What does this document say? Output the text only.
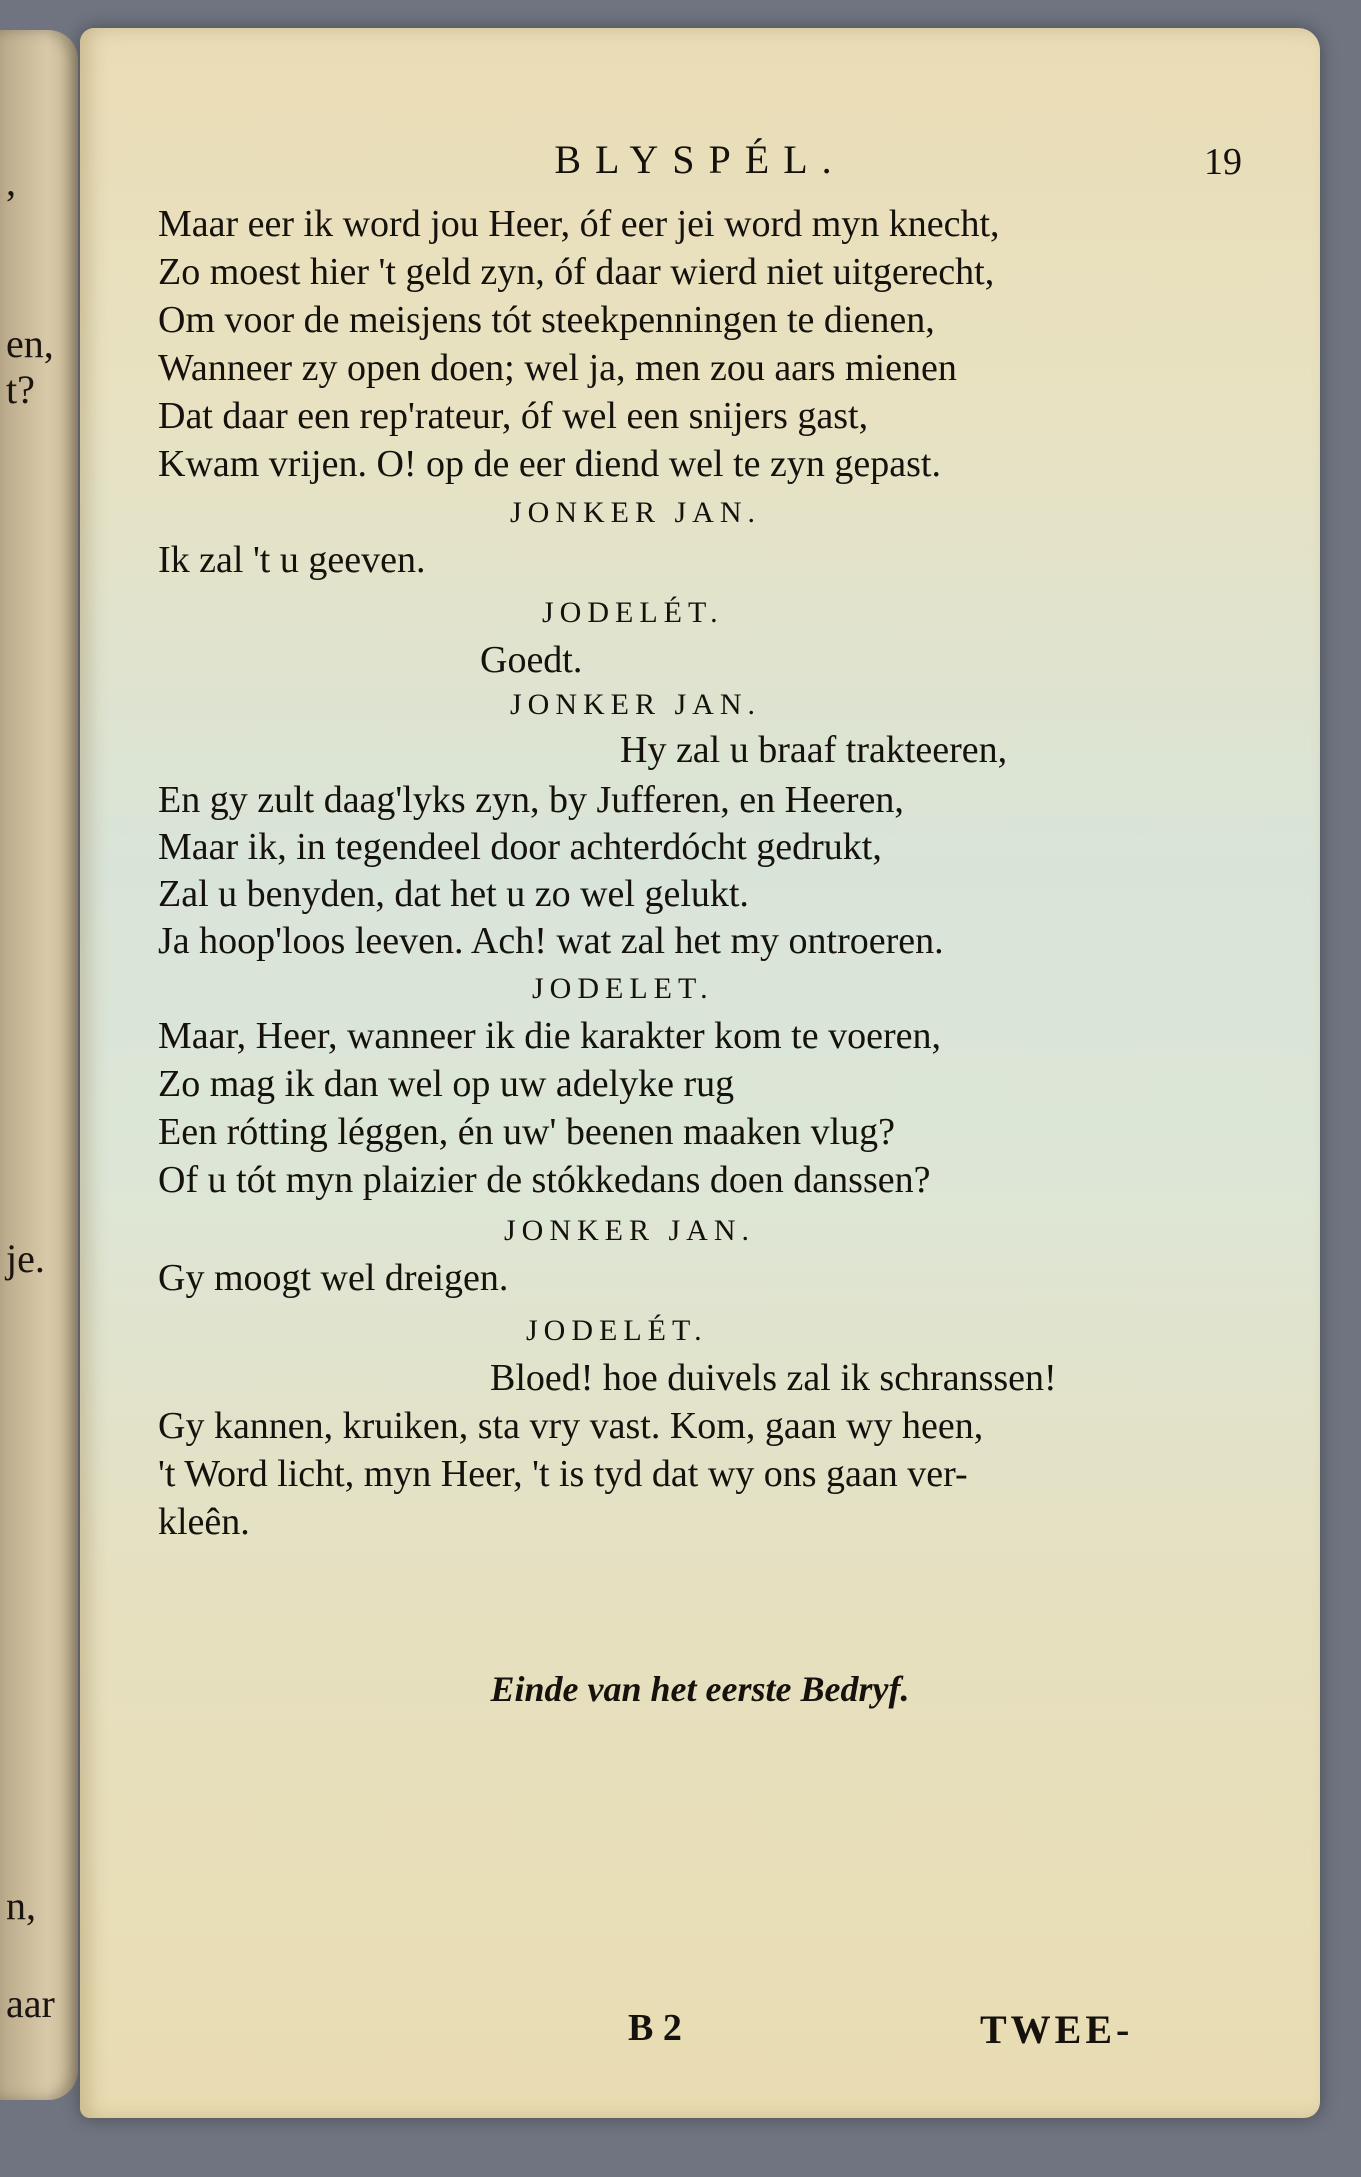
,
en,
t?
je.
n,
aar
BLYSPÉL.	19
Maar eer ik word jou Heer, óf eer jei word myn knecht,
Zo moest hier 't geld zyn, óf daar wierd niet uitgerecht,
Om voor de meisjens tót steekpenningen te dienen,
Wanneer zy open doen; wel ja, men zou aars mienen
Dat daar een rep'rateur, óf wel een snijers gast,
Kwam vrijen. O! op de eer diend wel te zyn gepast.
JONKER JAN.
Ik zal 't u geeven.
JODELÉT.
Goedt.
JONKER JAN.
Hy zal u braaf trakteeren,
En gy zult daag'lyks zyn, by Jufferen, en Heeren,
Maar ik, in tegendeel door achterdócht gedrukt,
Zal u benyden, dat het u zo wel gelukt.
Ja hoop'loos leeven. Ach! wat zal het my ontroeren.
JODELET.
Maar, Heer, wanneer ik die karakter kom te voeren,
Zo mag ik dan wel op uw adelyke rug
Een rótting léggen, én uw' beenen maaken vlug?
Of u tót myn plaizier de stókkedans doen danssen?
JONKER JAN.
Gy moogt wel dreigen.
JODELÉT.
Bloed! hoe duivels zal ik schranssen!
Gy kannen, kruiken, sta vry vast. Kom, gaan wy heen,
't Word licht, myn Heer, 't is tyd dat wy ons gaan ver-
kleên.
Einde van het eerste Bedryf.
B 2	TWEE-
